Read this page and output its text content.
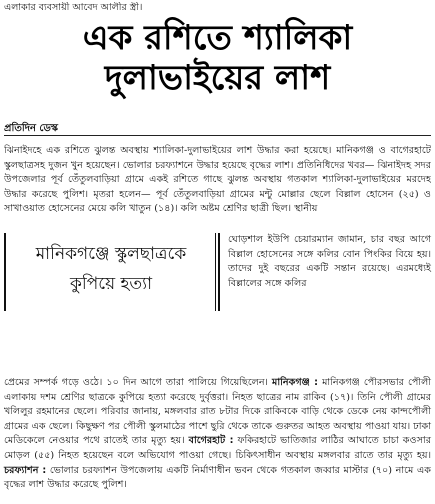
এলাকার ব্যবসায়ী আবেদ আলীর স্ত্রী।
এক রশিতে শ্যালিকা
দুলাভাইয়ের লাশ
প্রতিদিন ডেস্ক
ঝিনাইদহে এক রশিতে ঝুলন্ত অবস্থায় শ্যালিকা-দুলাভাইয়ের লাশ উদ্ধার করা হয়েছে। মানিকগঞ্জ ও বাগেরহাটে স্কুলছাত্রসহ দুজন খুন হয়েছেন। ভোলার চরফ্যাশনে উদ্ধার হয়েছে বৃদ্ধের লাশ। প্রতিনিধিদের খবর— ঝিনাইদহ সদর উপজেলার পূর্ব তেঁতুলবাড়িয়া গ্রামে একই রশিতে গাছে ঝুলন্ত অবস্থায় গতকাল শ্যালিকা-দুলাভাইয়ের মরদেহ উদ্ধার করেছে পুলিশ। মৃতরা হলেন— পূর্ব তেঁতুলবাড়িয়া গ্রামের মন্টু মোল্লার ছেলে বিল্লাল হোসেন (২৫) ও সাখাওয়াত হোসেনের মেয়ে কলি খাতুন (১৪)। কলি অষ্টম শ্রেণির ছাত্রী ছিল। স্থানীয়
মানিকগঞ্জে স্কুলছাত্রকে কুপিয়ে হত্যা
ঘোড়শাল ইউপি চেয়ারম্যান জামান, চার বছর আগে বিল্লাল হোসেনের সঙ্গে কলির বোন পিংকির বিয়ে হয়। তাদের দুই বছরের একটি সন্তান রয়েছে। এরমধ্যেই বিল্লালের সঙ্গে কলির
প্রেমের সম্পর্ক গড়ে ওঠে। ১০ দিন আগে তারা পালিয়ে গিয়েছিলেন। মানিকগঞ্জ : মানিকগঞ্জ পৌরসভার পৌলী এলাকায় দশম শ্রেণির ছাত্রকে কুপিয়ে হত্যা করেছে দুর্বৃত্তরা। নিহত ছাত্রের নাম রাকিব (১৭)। তিনি পৌলী গ্রামের খলিলুর রহমানের ছেলে। পরিবার জানায়, মঙ্গলবার রাত ৮টার দিকে রাকিবকে বাড়ি থেকে ডেকে নেয় কান্দপৌলী গ্রামের এক ছেলে। কিছুক্ষণ পর পৌলী স্কুলমাঠের পাশে ছুরি থেকে তাকে গুরুতর আহত অবস্থায় পাওয়া যায়। ঢাকা মেডিকেলে নেওয়ার পথে রাতেই তার মৃত্যু হয়। বাগেরহাট : ফকিরহাটে ভাতিজার লাঠির আঘাতে চাচা কওসার মোড়ল (৫৫) নিহত হয়েছেন বলে অভিযোগ পাওয়া গেছে। চিকিৎসাধীন অবস্থায় মঙ্গলবার রাতে তার মৃত্যু হয়। চরফ্যাশন : ভোলার চরফ্যাশন উপজেলায় একটি নির্মাণাধীন ভবন থেকে গতকাল জব্বার মাস্টার (৭০) নামে এক বৃদ্ধের লাশ উদ্ধার করেছে পুলিশ।
